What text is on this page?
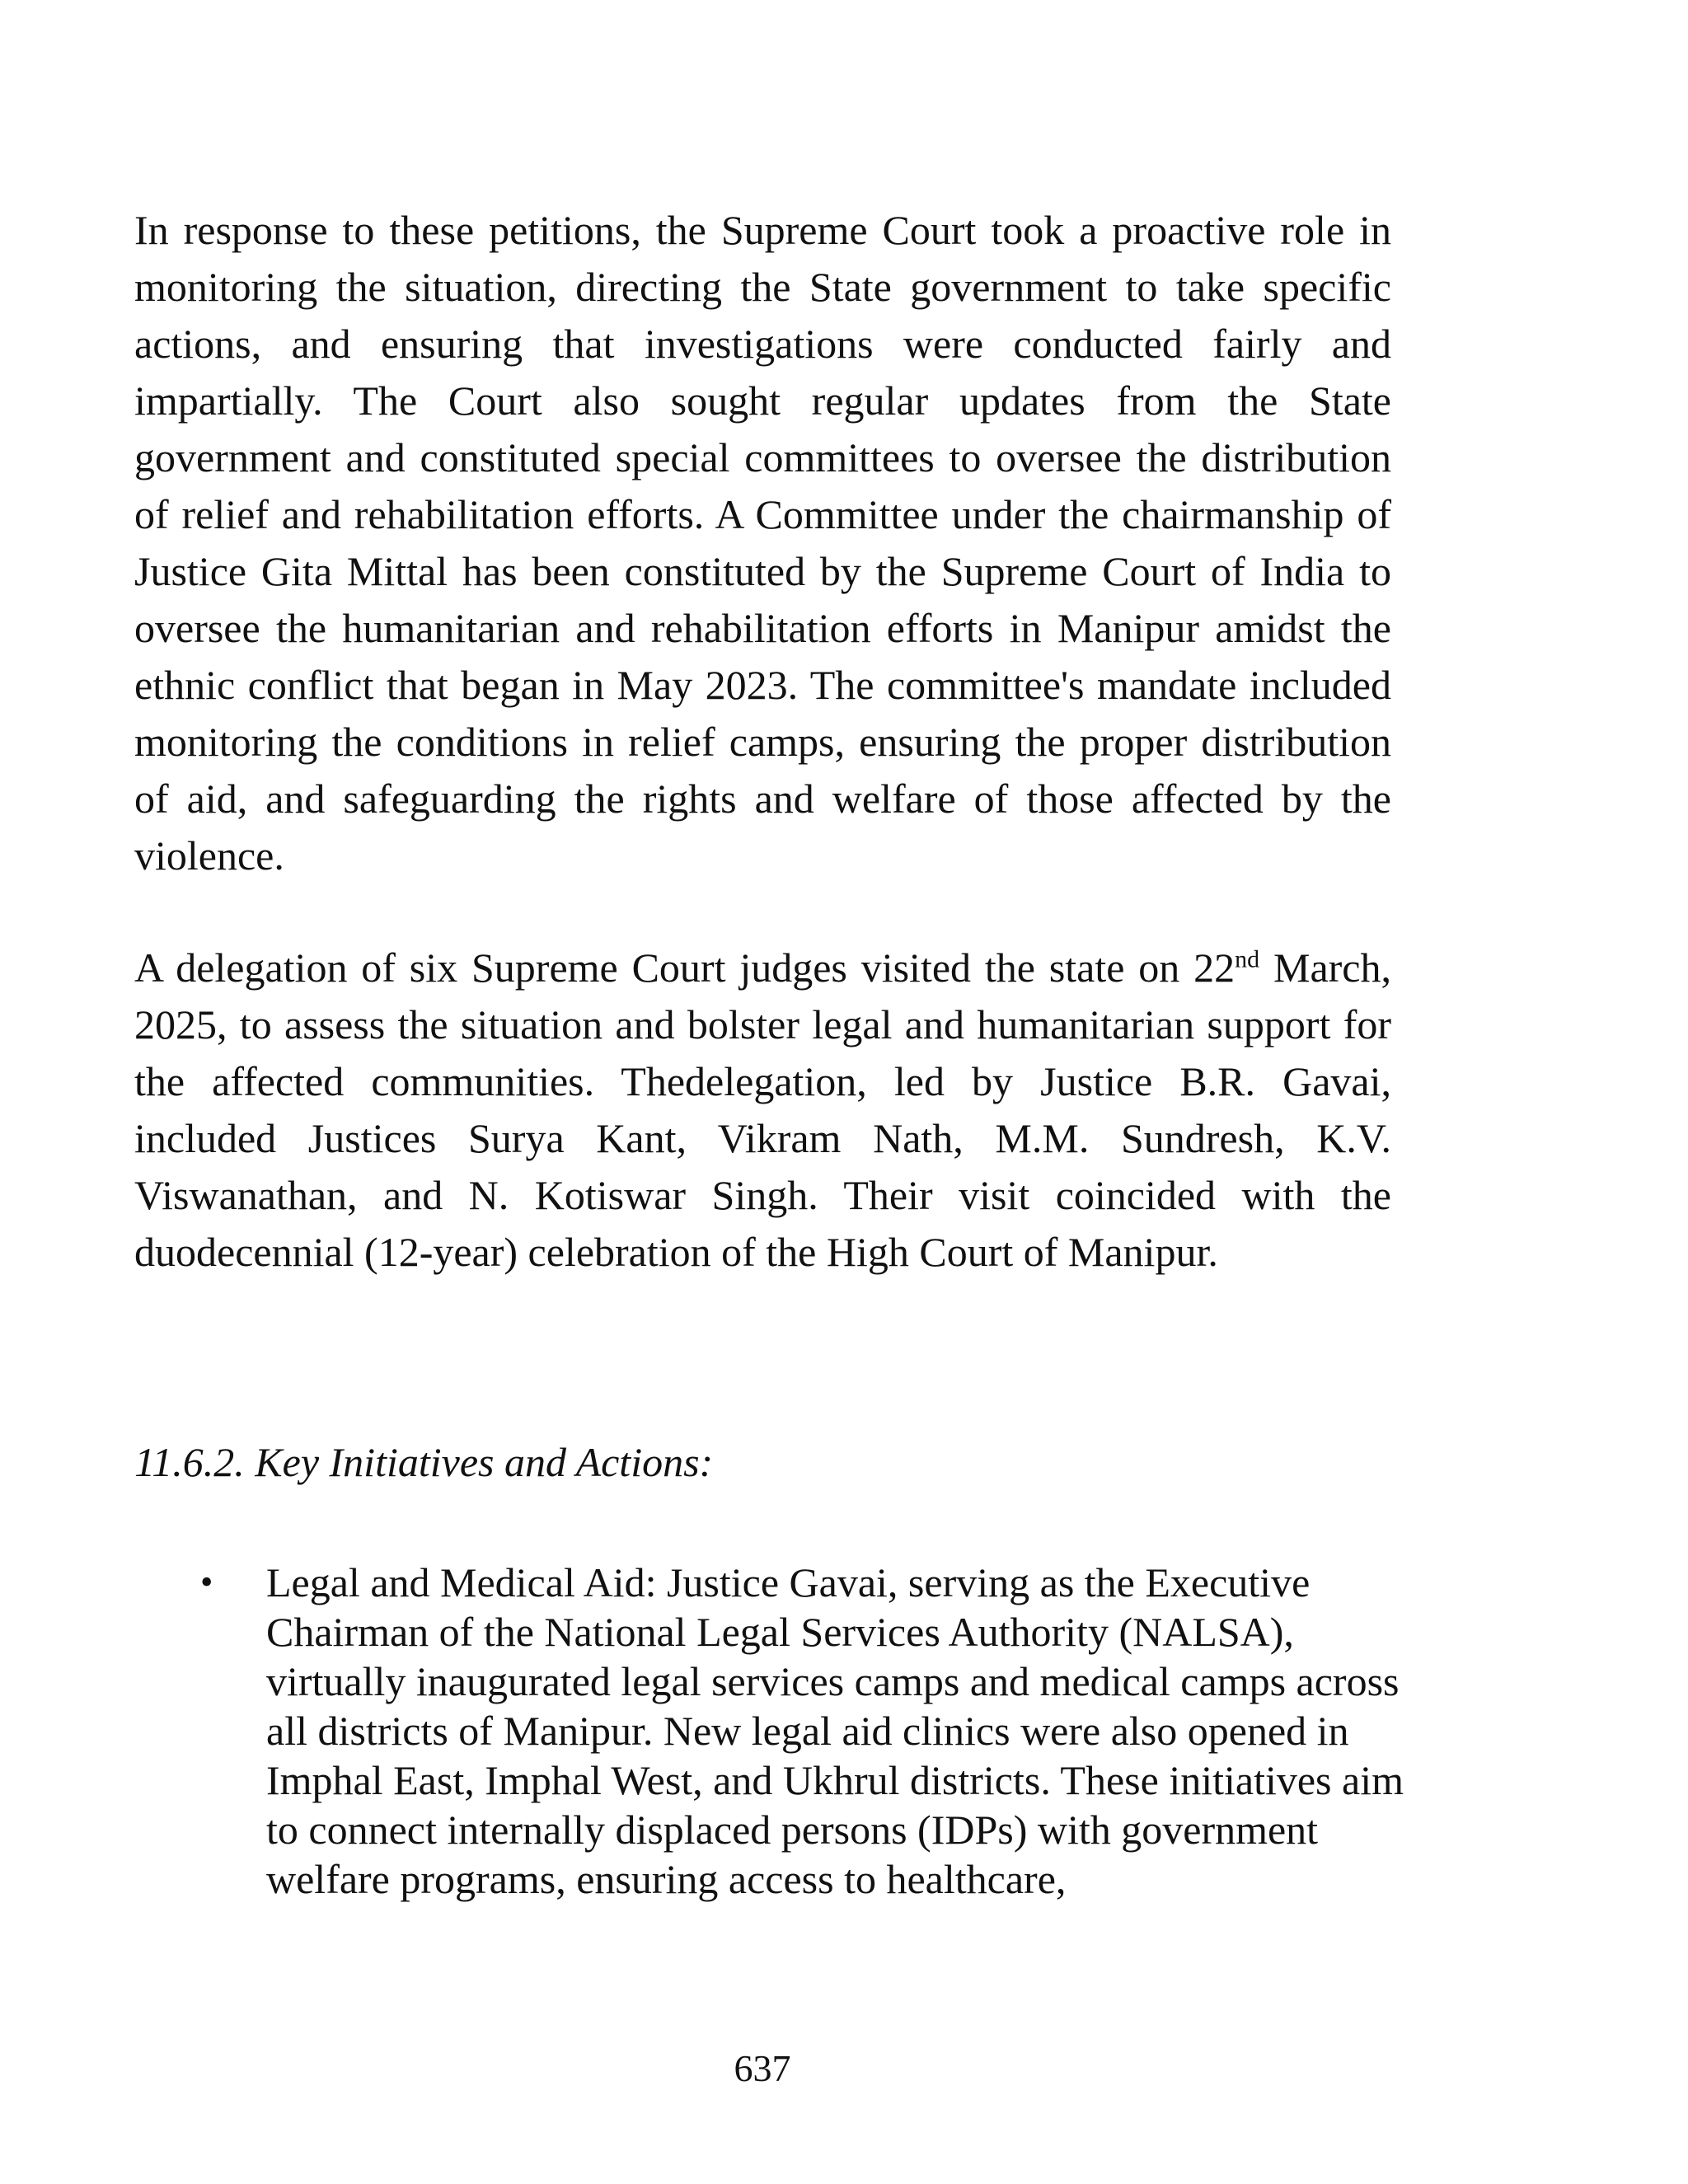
In response to these petitions, the Supreme Court took a proactive role in monitoring the situation, directing the State government to take specific actions, and ensuring that investigations were conducted fairly and impartially. The Court also sought regular updates from the State government and constituted special committees to oversee the distribution of relief and rehabilitation efforts. A Committee under the chairmanship of Justice Gita Mittal has been constituted by the Supreme Court of India to oversee the humanitarian and rehabilitation efforts in Manipur amidst the ethnic conflict that began in May 2023. The committee's mandate included monitoring the conditions in relief camps, ensuring the proper distribution of aid, and safeguarding the rights and welfare of those affected by the violence.

A delegation of six Supreme Court judges visited the state on 22nd March, 2025, to assess the situation and bolster legal and humanitarian support for the affected communities. Thedelegation, led by Justice B.R. Gavai, included Justices Surya Kant, Vikram Nath, M.M. Sundresh, K.V. Viswanathan, and N. Kotiswar Singh. Their visit coincided with the duodecennial (12-year) celebration of the High Court of Manipur.

11.6.2. Key Initiatives and Actions:
• Legal and Medical Aid: Justice Gavai, serving as the Executive Chairman of the National Legal Services Authority (NALSA), virtually inaugurated legal services camps and medical camps across all districts of Manipur. New legal aid clinics were also opened in Imphal East, Imphal West, and Ukhrul districts. These initiatives aim to connect internally displaced persons (IDPs) with government welfare programs, ensuring access to healthcare,
637
